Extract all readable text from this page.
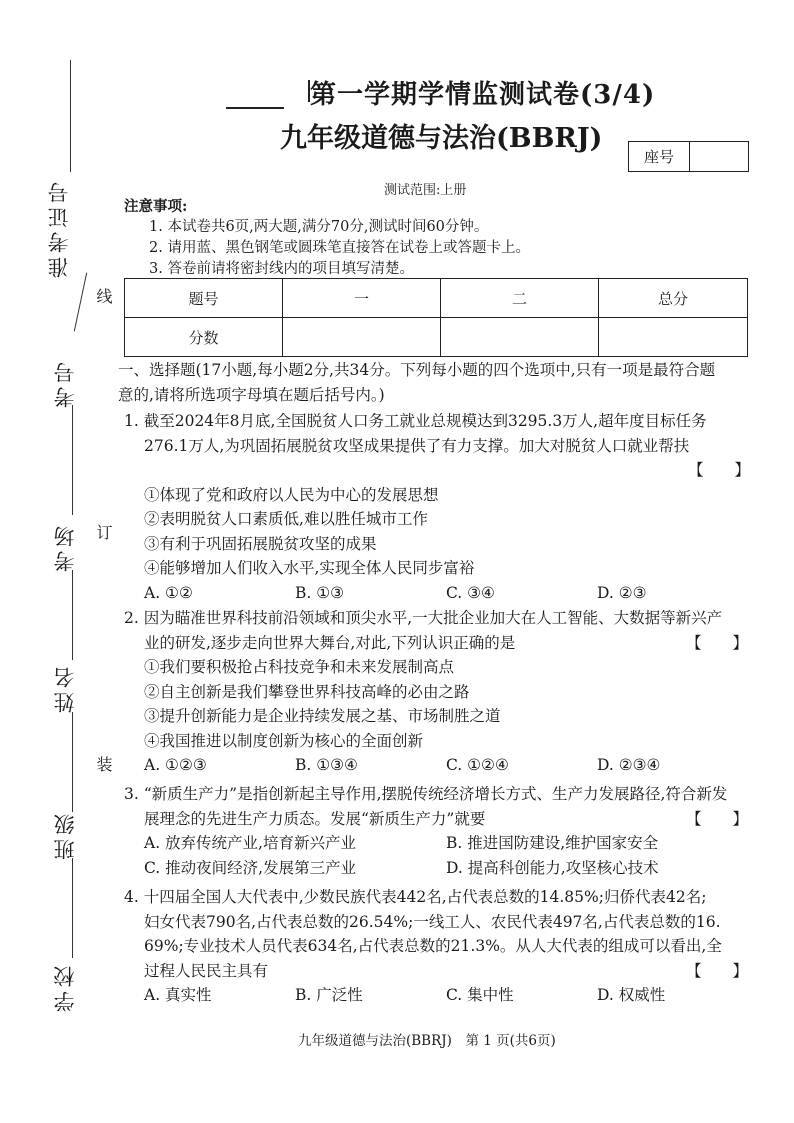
准考证号
线
考号
考场 订
姓名
装
班级
学校
第一学期学情监测试卷(3/4)
九年级道德与法治(BBRJ)
座号
测试范围:上册
注意事项:
1. 本试卷共6页,两大题,满分70分,测试时间60分钟。
2. 请用蓝、黑色钢笔或圆珠笔直接答在试卷上或答题卡上。
3. 答卷前请将密封线内的项目填写清楚。
题号	一	二	总分
分数			

一、选择题(17小题,每小题2分,共34分。下列每小题的四个选项中,只有一项是最符合题

意的,请将所选项字母填在题后括号内。)

1. 截至2024年8月底,全国脱贫人口务工就业总规模达到3295.3万人,超年度目标任务

276.1万人,为巩固拓展脱贫攻坚成果提供了有力支撑。加大对脱贫人口就业帮扶

【　　】

①体现了党和政府以人民为中心的发展思想

②表明脱贫人口素质低,难以胜任城市工作

③有利于巩固拓展脱贫攻坚的成果

④能够增加人们收入水平,实现全体人民同步富裕

A. ①②	B. ①③	C. ③④	D. ②③

2. 因为瞄准世界科技前沿领域和顶尖水平,一大批企业加大在人工智能、大数据等新兴产

业的研发,逐步走向世界大舞台,对此,下列认识正确的是	【　　】

①我们要积极抢占科技竞争和未来发展制高点

②自主创新是我们攀登世界科技高峰的必由之路

③提升创新能力是企业持续发展之基、市场制胜之道

④我国推进以制度创新为核心的全面创新

A. ①②③	B. ①③④	C. ①②④	D. ②③④

3. “新质生产力”是指创新起主导作用,摆脱传统经济增长方式、生产力发展路径,符合新发

展理念的先进生产力质态。发展“新质生产力”就要	【　　】

A. 放弃传统产业,培育新兴产业	B. 推进国防建设,维护国家安全
C. 推动夜间经济,发展第三产业	D. 提高科创能力,攻坚核心技术

4. 十四届全国人大代表中,少数民族代表442名,占代表总数的14.85%;归侨代表42名;

妇女代表790名,占代表总数的26.54%;一线工人、农民代表497名,占代表总数的16.

69%;专业技术人员代表634名,占代表总数的21.3%。从人大代表的组成可以看出,全

过程人民民主具有	【　　】

A. 真实性	B. 广泛性	C. 集中性	D. 权威性
九年级道德与法治(BBRJ)　第 1 页(共6页)
